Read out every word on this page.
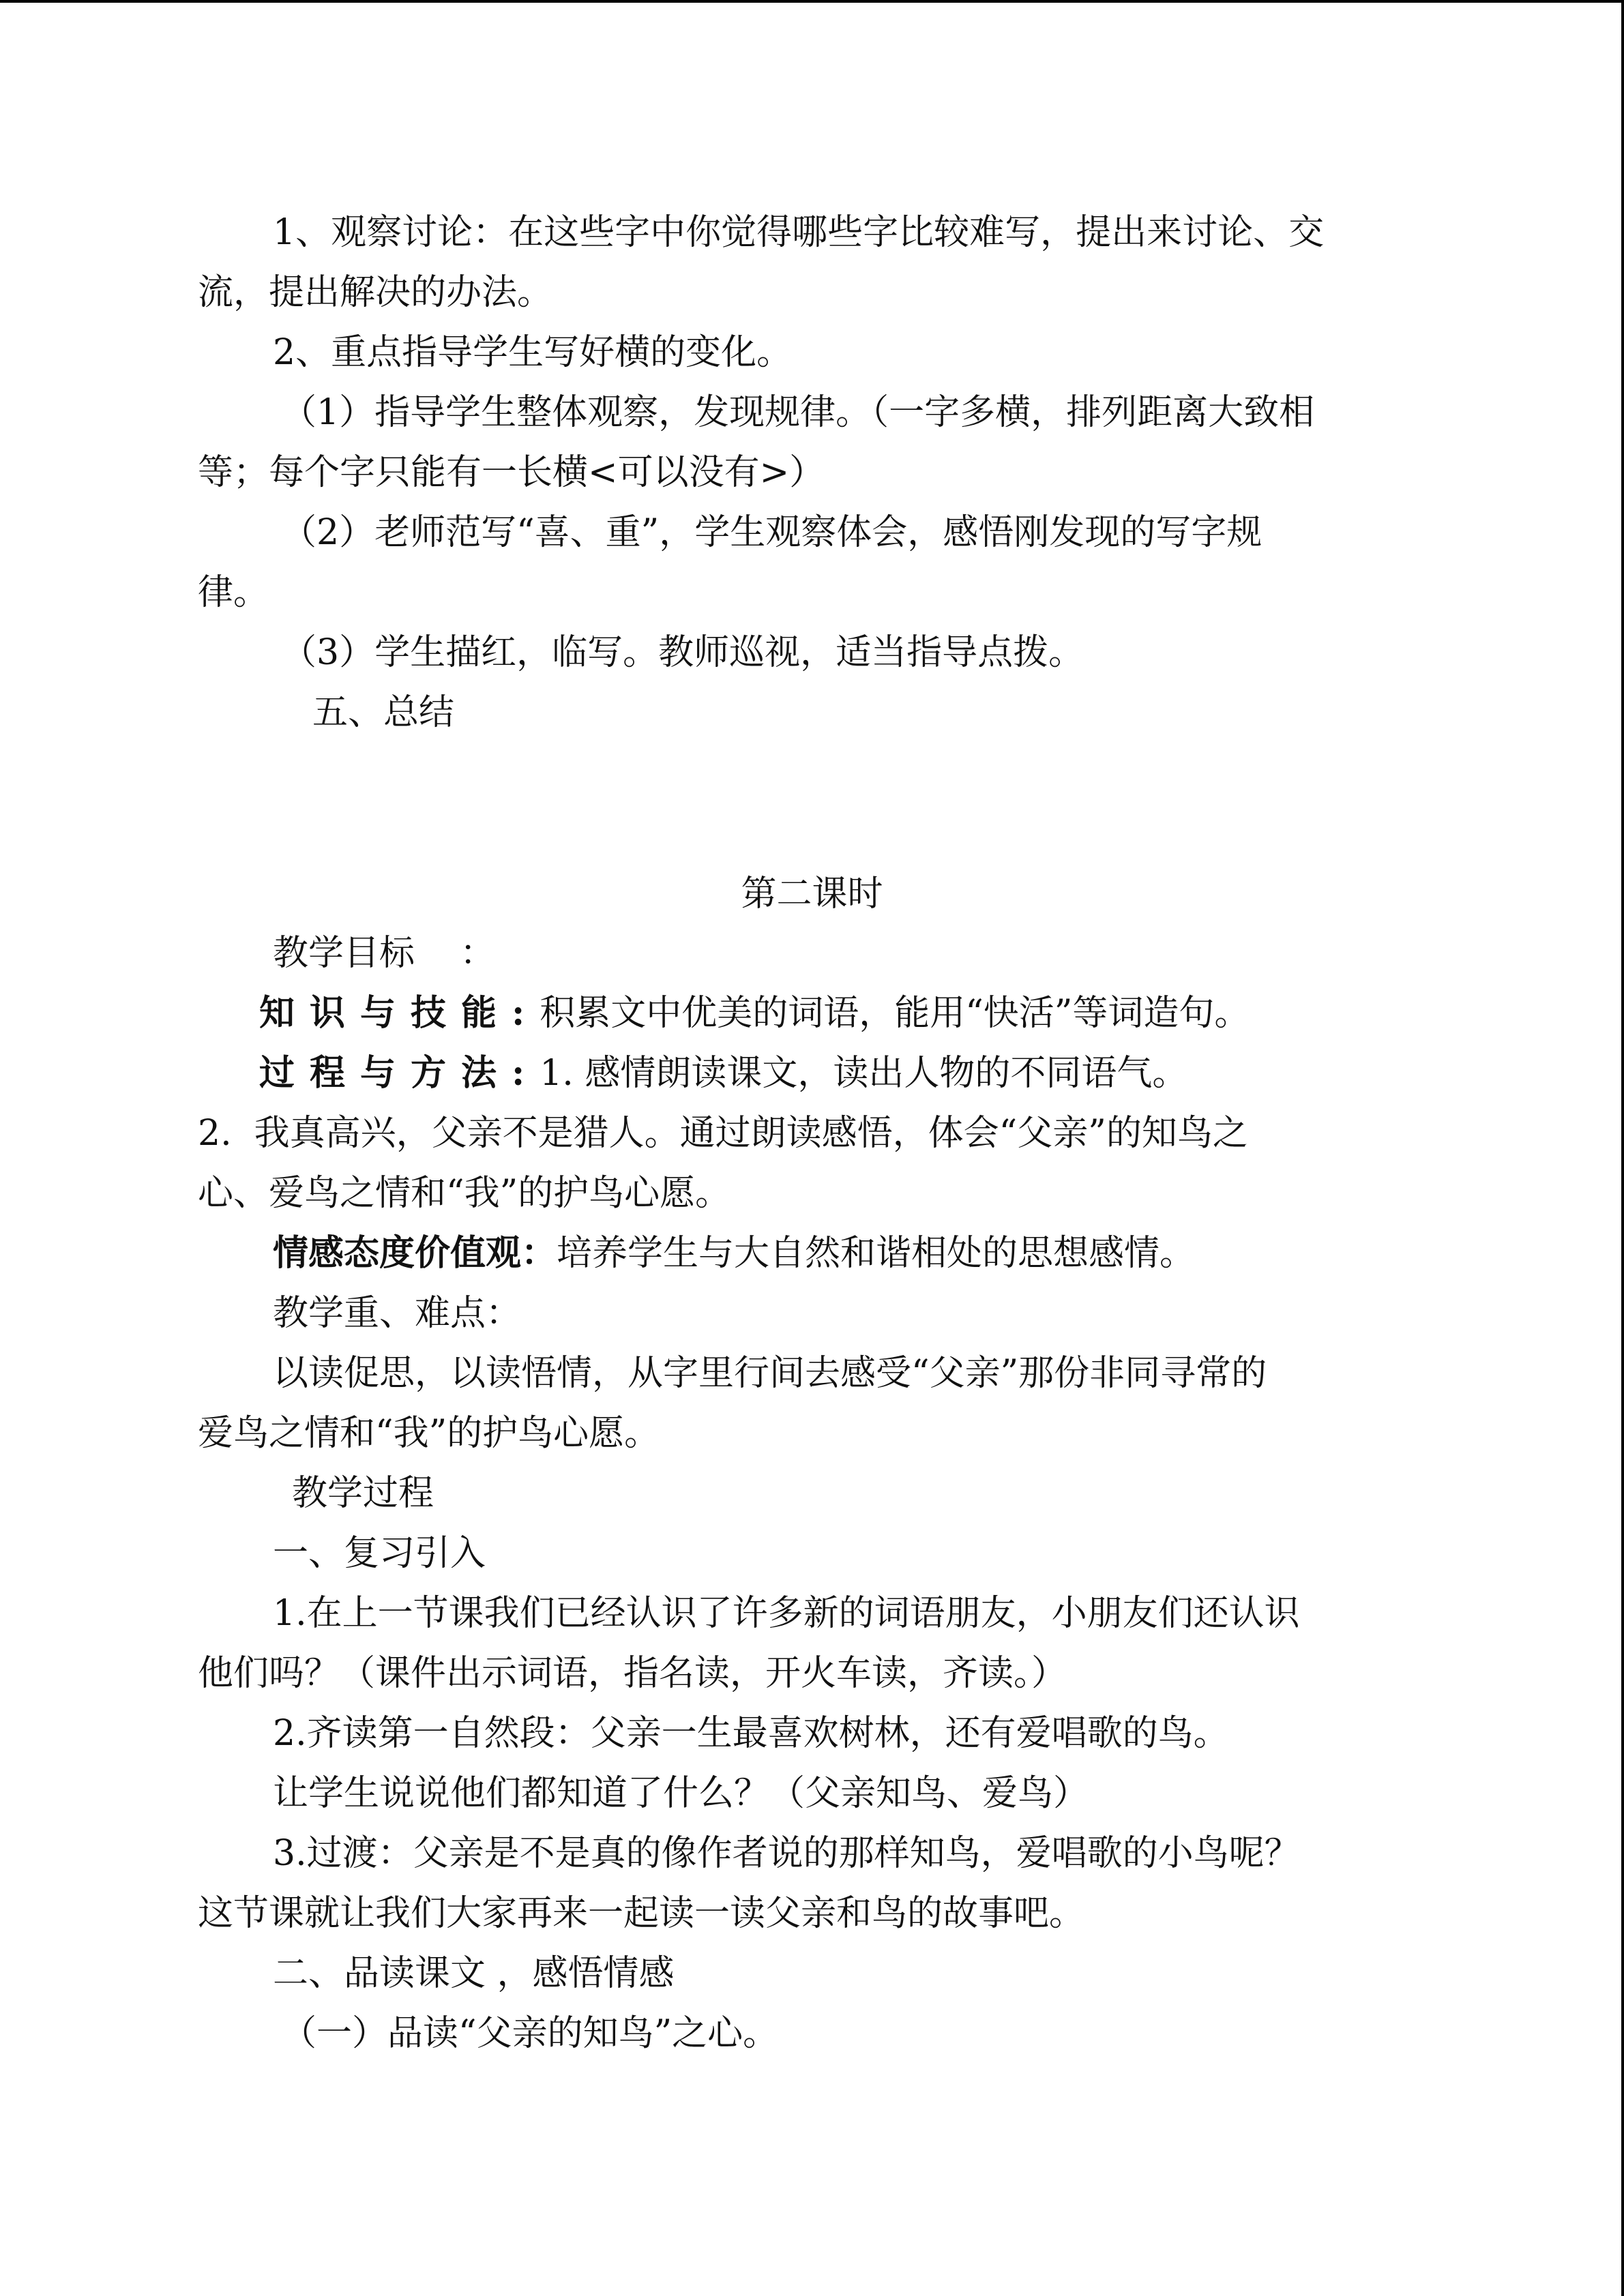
1、观察讨论：在这些字中你觉得哪些字比较难写，提出来讨论、交

流，提出解决的办法。

2、重点指导学生写好横的变化。

（1）指导学生整体观察，发现规律。（一字多横，排列距离大致相

等；每个字只能有一长横<可以没有>）

（2）老师范写“喜、重”，学生观察体会，感悟刚发现的写字规

律。

（3）学生描红，临写。教师巡视，适当指导点拨。

五、总结

第二课时

教学目标    ：

知识与技能:积累文中优美的词语，能用“快活”等词造句。

过程与方法:1. 感情朗读课文，读出人物的不同语气。

2.  我真高兴，父亲不是猎人。通过朗读感悟，体会“父亲”的知鸟之

心、爱鸟之情和“我”的护鸟心愿。

情感态度价值观：培养学生与大自然和谐相处的思想感情。

教学重、难点：

以读促思，以读悟情，从字里行间去感受“父亲”那份非同寻常的

爱鸟之情和“我”的护鸟心愿。

教学过程

一、复习引入

1.在上一节课我们已经认识了许多新的词语朋友，小朋友们还认识

他们吗？（课件出示词语，指名读，开火车读，齐读。）

2.齐读第一自然段：父亲一生最喜欢树林，还有爱唱歌的鸟。

让学生说说他们都知道了什么？（父亲知鸟、爱鸟）

3.过渡：父亲是不是真的像作者说的那样知鸟，爱唱歌的小鸟呢？

这节课就让我们大家再来一起读一读父亲和鸟的故事吧。

二、品读课文 ，感悟情感

（一）品读“父亲的知鸟”之心。
